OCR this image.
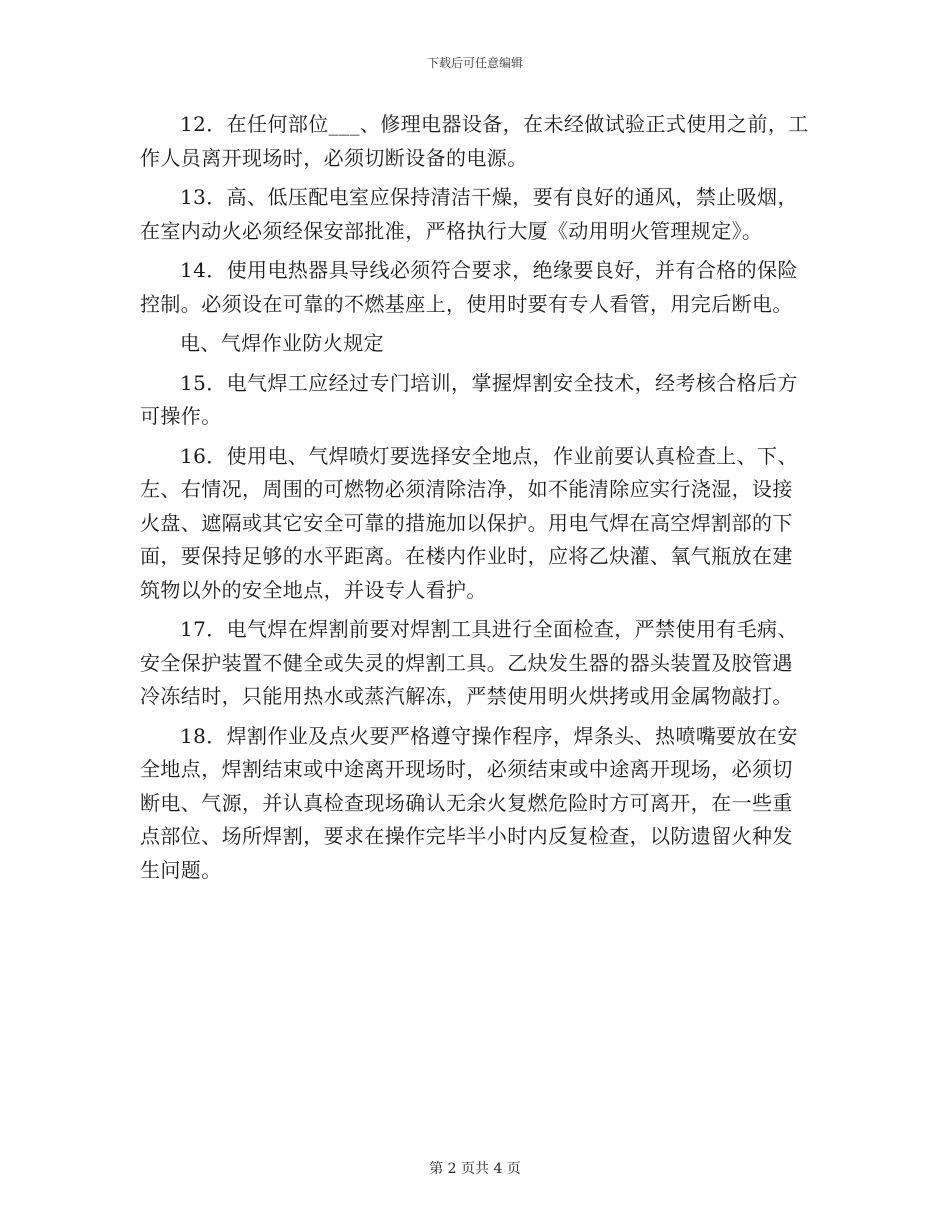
下载后可任意编辑

12．在任何部位___、修理电器设备，在未经做试验正式使用之前，工作人员离开现场时，必须切断设备的电源。

13．高、低压配电室应保持清洁干燥，要有良好的通风，禁止吸烟，在室内动火必须经保安部批准，严格执行大厦《动用明火管理规定》。

14．使用电热器具导线必须符合要求，绝缘要良好，并有合格的保险控制。必须设在可靠的不燃基座上，使用时要有专人看管，用完后断电。

电、气焊作业防火规定

15．电气焊工应经过专门培训，掌握焊割安全技术，经考核合格后方可操作。

16．使用电、气焊喷灯要选择安全地点，作业前要认真检查上、下、左、右情况，周围的可燃物必须清除洁净，如不能清除应实行浇湿，设接火盘、遮隔或其它安全可靠的措施加以保护。用电气焊在高空焊割部的下面，要保持足够的水平距离。在楼内作业时，应将乙炔灌、氧气瓶放在建筑物以外的安全地点，并设专人看护。

17．电气焊在焊割前要对焊割工具进行全面检查，严禁使用有毛病、安全保护装置不健全或失灵的焊割工具。乙炔发生器的器头装置及胶管遇冷冻结时，只能用热水或蒸汽解冻，严禁使用明火烘拷或用金属物敲打。

18．焊割作业及点火要严格遵守操作程序，焊条头、热喷嘴要放在安全地点，焊割结束或中途离开现场时，必须结束或中途离开现场，必须切断电、气源，并认真检查现场确认无余火复燃危险时方可离开，在一些重点部位、场所焊割，要求在操作完毕半小时内反复检查，以防遗留火种发生问题。

第 2 页共 4 页
